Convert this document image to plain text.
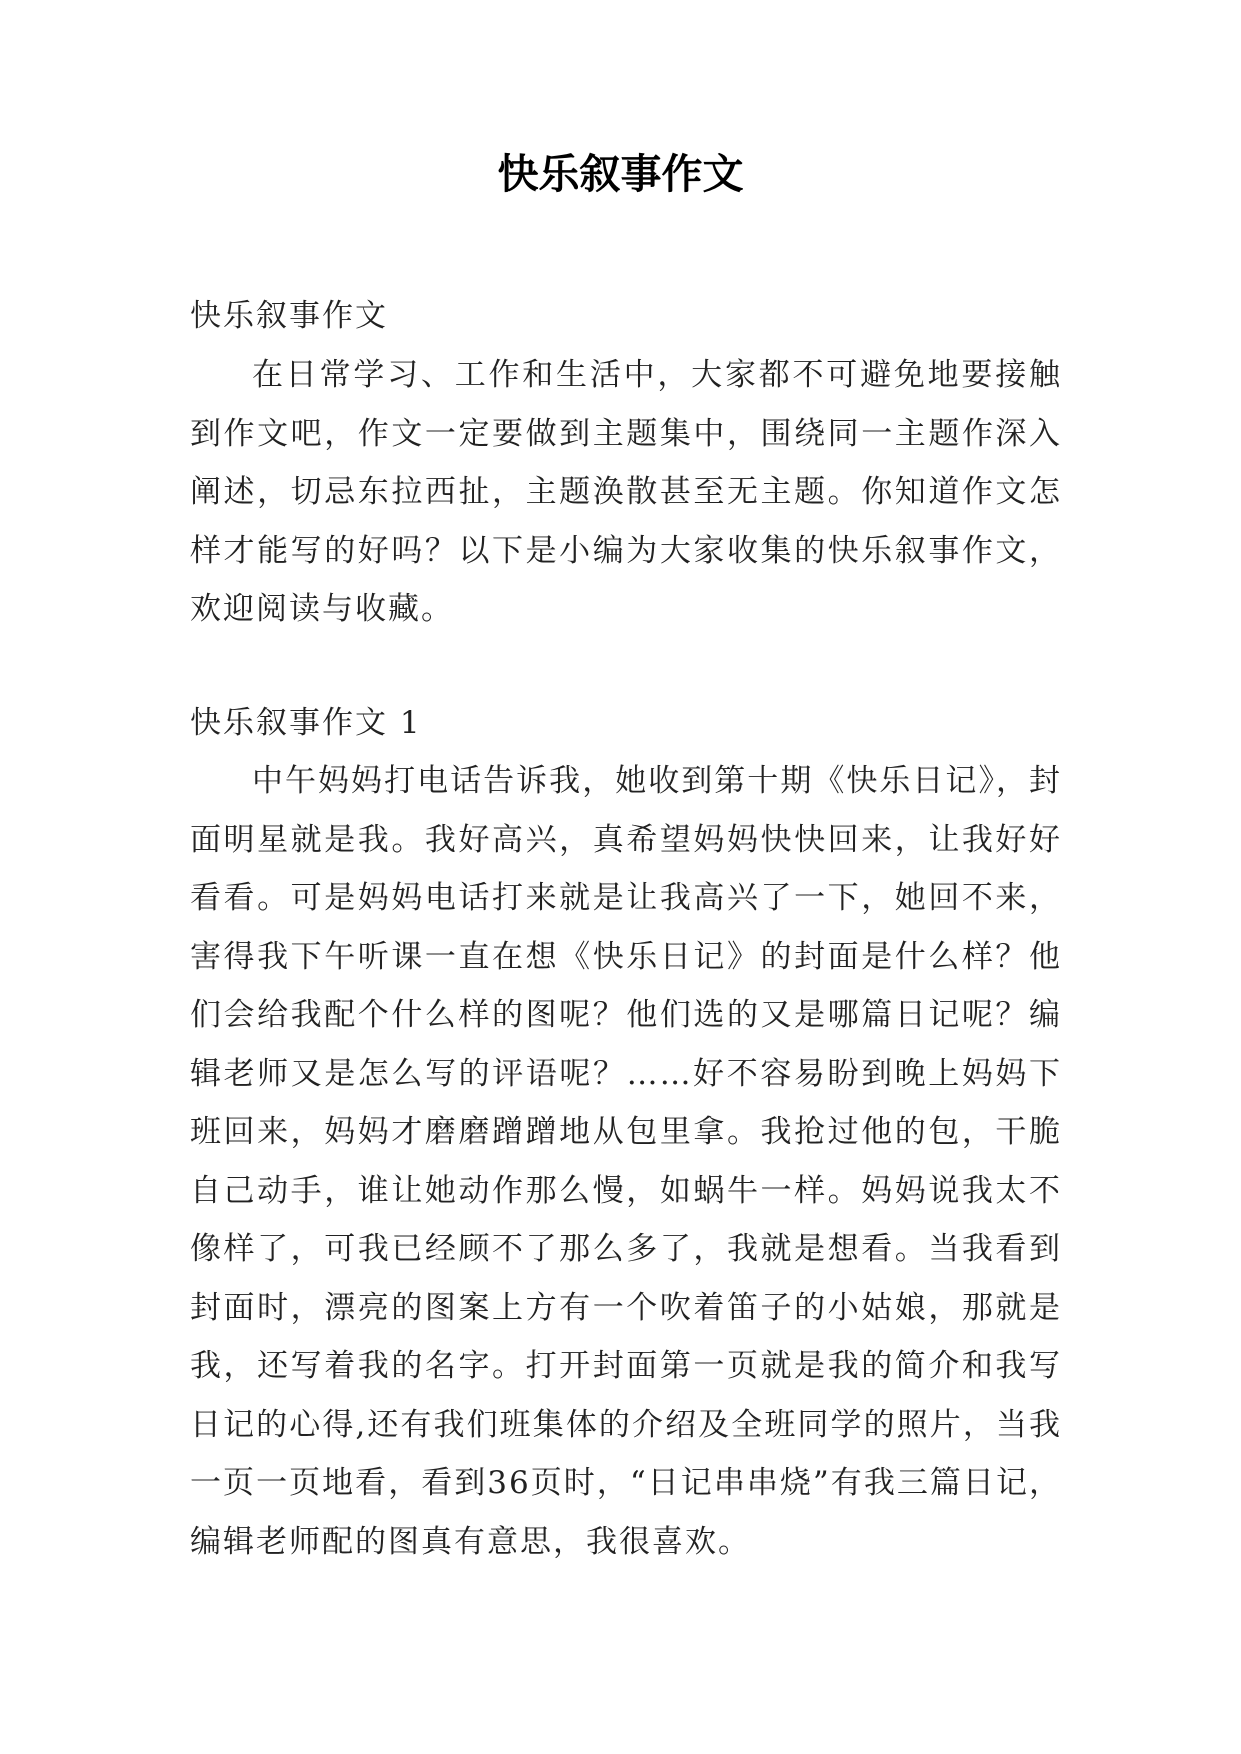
快乐叙事作文
快乐叙事作文

在日常学习、工作和生活中，大家都不可避免地要接触到作文吧，作文一定要做到主题集中，围绕同一主题作深入阐述，切忌东拉西扯，主题涣散甚至无主题。你知道作文怎样才能写的好吗？以下是小编为大家收集的快乐叙事作文，欢迎阅读与收藏。

快乐叙事作文 1

中午妈妈打电话告诉我，她收到第十期《快乐日记》，封面明星就是我。我好高兴，真希望妈妈快快回来，让我好好看看。可是妈妈电话打来就是让我高兴了一下，她回不来，害得我下午听课一直在想《快乐日记》的封面是什么样？他们会给我配个什么样的图呢？他们选的又是哪篇日记呢？编辑老师又是怎么写的评语呢？……好不容易盼到晚上妈妈下班回来，妈妈才磨磨蹭蹭地从包里拿。我抢过他的包，干脆自己动手，谁让她动作那么慢，如蜗牛一样。妈妈说我太不像样了，可我已经顾不了那么多了，我就是想看。当我看到封面时，漂亮的图案上方有一个吹着笛子的小姑娘，那就是我，还写着我的名字。打开封面第一页就是我的简介和我写日记的心得,还有我们班集体的介绍及全班同学的照片，当我一页一页地看，看到36页时，“日记串串烧”有我三篇日记，编辑老师配的图真有意思，我很喜欢。
